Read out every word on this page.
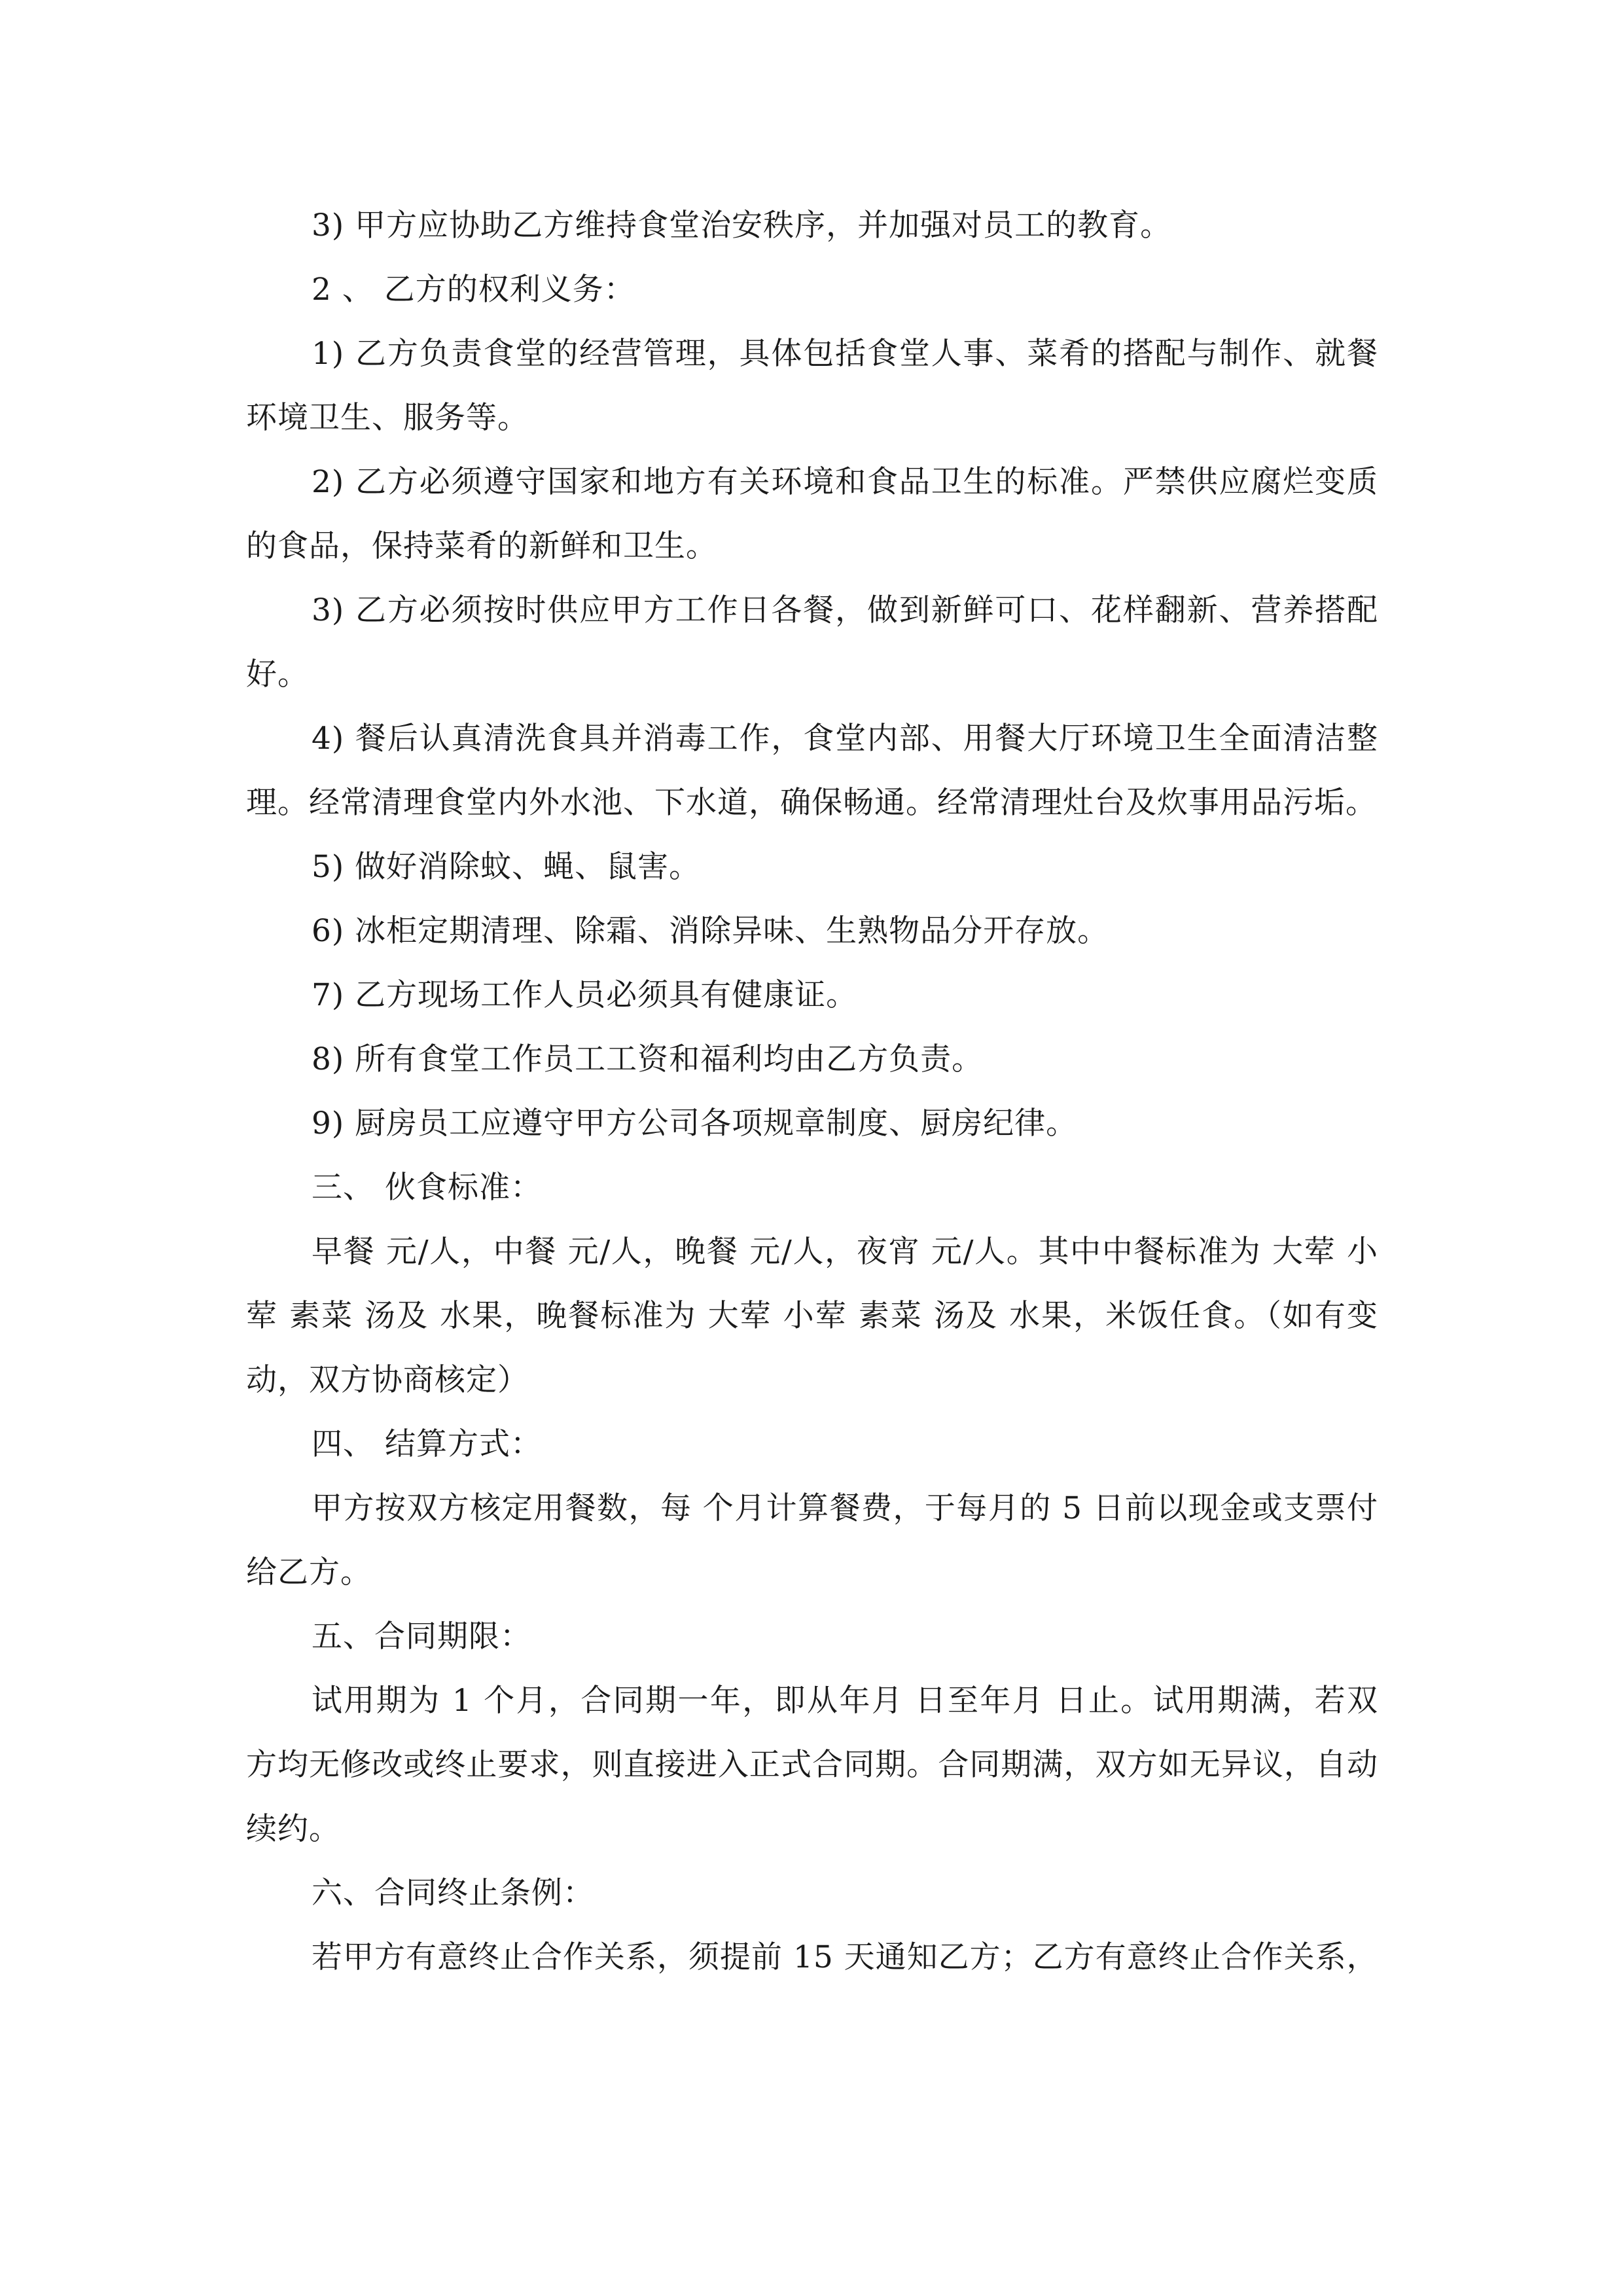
3) 甲方应协助乙方维持食堂治安秩序，并加强对员工的教育。

2 、 乙方的权利义务：

1) 乙方负责食堂的经营管理，具体包括食堂人事、菜肴的搭配与制作、就餐环境卫生、服务等。

2) 乙方必须遵守国家和地方有关环境和食品卫生的标准。严禁供应腐烂变质的食品，保持菜肴的新鲜和卫生。

3) 乙方必须按时供应甲方工作日各餐，做到新鲜可口、花样翻新、营养搭配好。

4) 餐后认真清洗食具并消毒工作，食堂内部、用餐大厅环境卫生全面清洁整理。经常清理食堂内外水池、下水道，确保畅通。经常清理灶台及炊事用品污垢。

5) 做好消除蚊、蝇、鼠害。

6) 冰柜定期清理、除霜、消除异味、生熟物品分开存放。

7) 乙方现场工作人员必须具有健康证。

8) 所有食堂工作员工工资和福利均由乙方负责。

9) 厨房员工应遵守甲方公司各项规章制度、厨房纪律。

三、 伙食标准：

早餐 元/人，中餐 元/人，晚餐 元/人，夜宵 元/人。其中中餐标准为 大荤 小荤 素菜 汤及 水果，晚餐标准为 大荤 小荤 素菜 汤及 水果，米饭任食。（如有变动，双方协商核定）

四、 结算方式：

甲方按双方核定用餐数，每 个月计算餐费，于每月的 5 日前以现金或支票付给乙方。

五、合同期限：

试用期为 1 个月，合同期一年，即从年月 日至年月 日止。试用期满，若双方均无修改或终止要求，则直接进入正式合同期。合同期满，双方如无异议，自动续约。

六、合同终止条例：

若甲方有意终止合作关系，须提前 15 天通知乙方；乙方有意终止合作关系，
